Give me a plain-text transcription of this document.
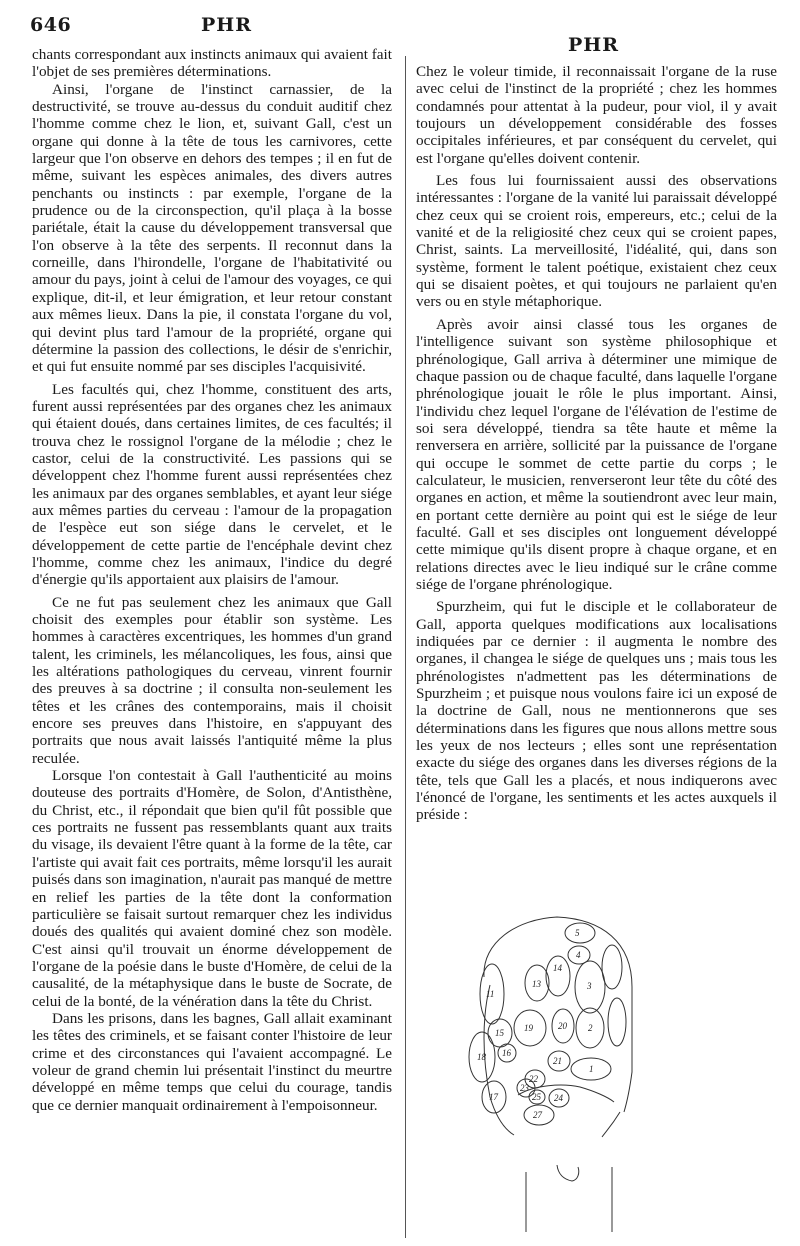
646	PHR
PHR

chants correspondant aux instincts animaux qui avaient fait l'objet de ses premières déterminations.

Ainsi, l'organe de l'instinct carnassier, de la destructivité, se trouve au-dessus du conduit auditif chez l'homme comme chez le lion, et, suivant Gall, c'est un organe qui donne à la tête de tous les carnivores, cette largeur que l'on observe en dehors des tempes ; il en fut de même, suivant les espèces animales, des divers autres penchants ou instincts : par exemple, l'organe de la prudence ou de la circonspection, qu'il plaça à la bosse pariétale, était la cause du développement transversal que l'on observe à la tête des serpents. Il reconnut dans la corneille, dans l'hirondelle, l'organe de l'habitativité ou amour du pays, joint à celui de l'amour des voyages, ce qui explique, dit-il, et leur émigration, et leur retour constant aux mêmes lieux. Dans la pie, il constata l'organe du vol, qui devint plus tard l'amour de la propriété, organe qui détermine la passion des collections, le désir de s'enrichir, et qui fut ensuite nommé par ses disciples l'acquisivité.

Les facultés qui, chez l'homme, constituent des arts, furent aussi représentées par des organes chez les animaux qui étaient doués, dans certaines limites, de ces facultés; il trouva chez le rossignol l'organe de la mélodie ; chez le castor, celui de la constructivité. Les passions qui se développent chez l'homme furent aussi représentées chez les animaux par des organes semblables, et ayant leur siége aux mêmes parties du cerveau : l'amour de la propagation de l'espèce eut son siége dans le cervelet, et le développement de cette partie de l'encéphale devint chez l'homme, comme chez les animaux, l'indice du degré d'énergie qu'ils apportaient aux plaisirs de l'amour.

Ce ne fut pas seulement chez les animaux que Gall choisit des exemples pour établir son système. Les hommes à caractères excentriques, les hommes d'un grand talent, les criminels, les mélancoliques, les fous, ainsi que les altérations pathologiques du cerveau, vinrent fournir des preuves à sa doctrine ; il consulta non-seulement les têtes et les crânes des contemporains, mais il choisit encore ses preuves dans l'histoire, en s'appuyant des portraits que nous avait laissés l'antiquité même la plus reculée.

Lorsque l'on contestait à Gall l'authenticité au moins douteuse des portraits d'Homère, de Solon, d'Antisthène, du Christ, etc., il répondait que bien qu'il fût possible que ces portraits ne fussent pas ressemblants quant aux traits du visage, ils devaient l'être quant à la forme de la tête, car l'artiste qui avait fait ces portraits, même lorsqu'il les aurait puisés dans son imagination, n'aurait pas manqué de mettre en relief les parties de la tête dont la conformation particulière se faisait surtout remarquer chez les individus doués des qualités qui avaient dominé chez son modèle. C'est ainsi qu'il trouvait un énorme développement de l'organe de la poésie dans le buste d'Homère, de celui de la causalité, de la métaphysique dans le buste de Socrate, de celui de la bonté, de la vénération dans la tête du Christ.

Dans les prisons, dans les bagnes, Gall allait examinant les têtes des criminels, et se faisant conter l'histoire de leur crime et des circonstances qui l'avaient accompagné. Le voleur de grand chemin lui présentait l'instinct du meurtre développé en même temps que celui du courage, tandis que ce dernier manquait ordinairement à l'empoisonneur.

Chez le voleur timide, il reconnaissait l'organe de la ruse avec celui de l'instinct de la propriété ; chez les hommes condamnés pour attentat à la pudeur, pour viol, il y avait toujours un développement considérable des fosses occipitales inférieures, et par conséquent du cervelet, qui est l'organe qu'elles doivent contenir.

Les fous lui fournissaient aussi des observations intéressantes : l'organe de la vanité lui paraissait développé chez ceux qui se croient rois, empereurs, etc.; celui de la vanité et de la religiosité chez ceux qui se croient papes, Christ, saints. La merveillosité, l'idéalité, qui, dans son système, forment le talent poétique, existaient chez ceux qui se disaient poètes, et qui toujours ne parlaient qu'en vers ou en style métaphorique.

Après avoir ainsi classé tous les organes de l'intelligence suivant son système philosophique et phrénologique, Gall arriva à déterminer une mimique de chaque passion ou de chaque faculté, dans laquelle l'organe phrénologique jouait le rôle le plus important. Ainsi, l'individu chez lequel l'organe de l'élévation de l'estime de soi sera développé, tiendra sa tête haute et même la renversera en arrière, sollicité par la puissance de l'organe qui occupe le sommet de cette partie du corps ; le calculateur, le musicien, renverseront leur tête du côté des organes en action, et même la soutiendront avec leur main, en portant cette dernière au point qui est le siége de leur faculté. Gall et ses disciples ont longuement développé cette mimique qu'ils disent propre à chaque organe, et en relations directes avec le lieu indiqué sur le crâne comme siége de l'organe phrénologique.

Spurzheim, qui fut le disciple et le collaborateur de Gall, apporta quelques modifications aux localisations indiquées par ce dernier : il augmenta le nombre des organes, il changea le siége de quelques uns ; mais tous les phrénologistes n'admettent pas les déterminations de Spurzheim ; et puisque nous voulons faire ici un exposé de la doctrine de Gall, nous ne mentionnerons que ses déterminations dans les figures que nous allons mettre sous les yeux de nos lecteurs ; elles sont une représentation exacte du siége des organes dans les diverses régions de la tête, tels que Gall les a placés, et nous indiquerons avec l'énoncé de l'organe, les sentiments et les actes auxquels il préside :

5
4
14
13	3
11
15 19	20 2
16
18	21
1
22
23
17	25 24
27
